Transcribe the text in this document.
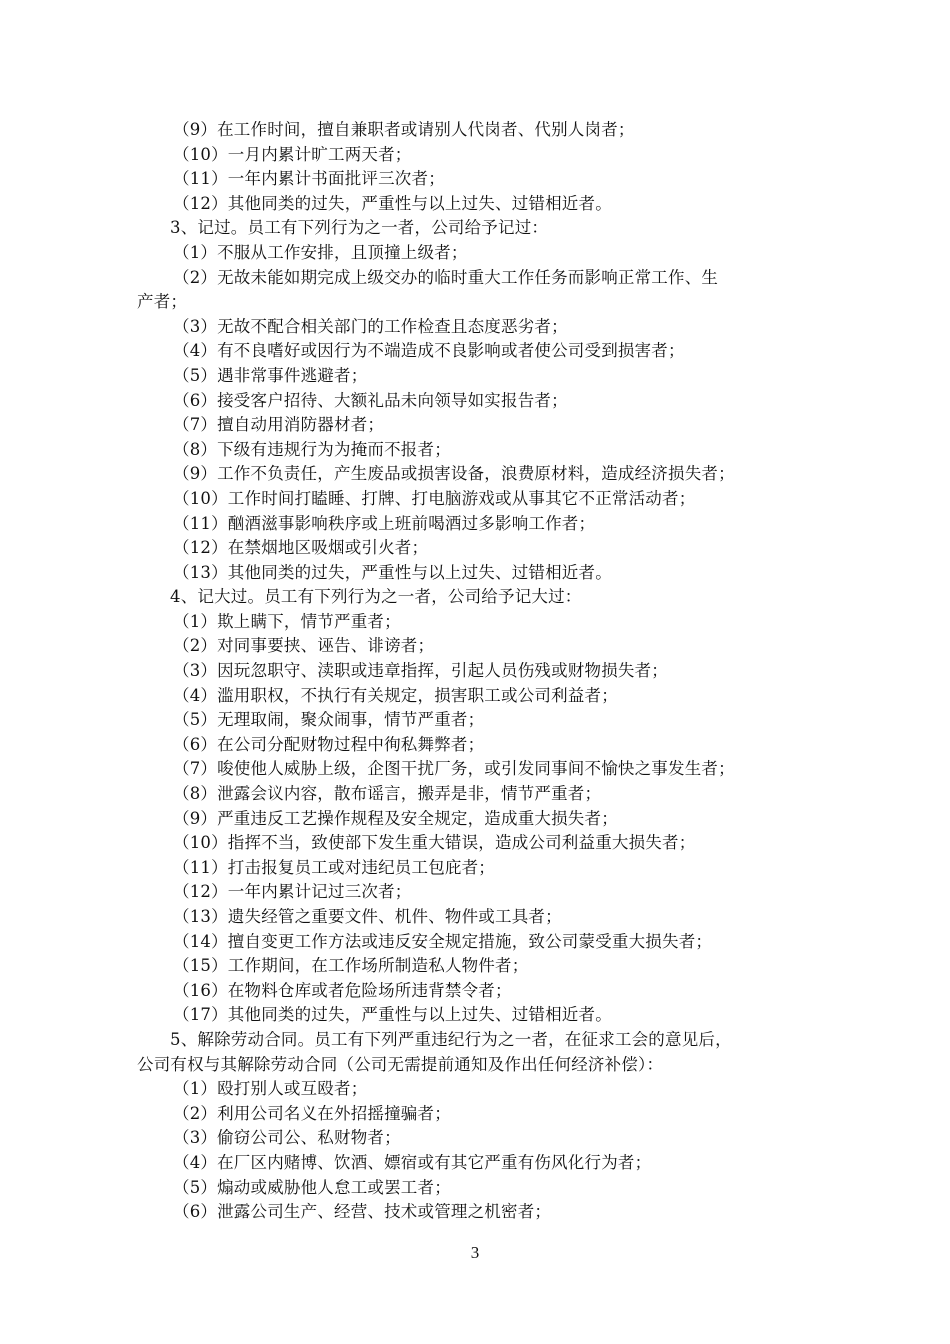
（9）在工作时间，擅自兼职者或请别人代岗者、代别人岗者；
（10）一月内累计旷工两天者；
（11）一年内累计书面批评三次者；
（12）其他同类的过失，严重性与以上过失、过错相近者。
3、记过。员工有下列行为之一者，公司给予记过：
（1）不服从工作安排，且顶撞上级者；
（2）无故未能如期完成上级交办的临时重大工作任务而影响正常工作、生
产者；
（3）无故不配合相关部门的工作检查且态度恶劣者；
（4）有不良嗜好或因行为不端造成不良影响或者使公司受到损害者；
（5）遇非常事件逃避者；
（6）接受客户招待、大额礼品未向领导如实报告者；
（7）擅自动用消防器材者；
（8）下级有违规行为为掩而不报者；
（9）工作不负责任，产生废品或损害设备，浪费原材料，造成经济损失者；
（10）工作时间打瞌睡、打牌、打电脑游戏或从事其它不正常活动者；
（11）酗酒滋事影响秩序或上班前喝酒过多影响工作者；
（12）在禁烟地区吸烟或引火者；
（13）其他同类的过失，严重性与以上过失、过错相近者。
4、记大过。员工有下列行为之一者，公司给予记大过：
（1）欺上瞒下，情节严重者；
（2）对同事要挟、诬告、诽谤者；
（3）因玩忽职守、渎职或违章指挥，引起人员伤残或财物损失者；
（4）滥用职权，不执行有关规定，损害职工或公司利益者；
（5）无理取闹，聚众闹事，情节严重者；
（6）在公司分配财物过程中徇私舞弊者；
（7）唆使他人威胁上级，企图干扰厂务，或引发同事间不愉快之事发生者；
（8）泄露会议内容，散布谣言，搬弄是非，情节严重者；
（9）严重违反工艺操作规程及安全规定，造成重大损失者；
（10）指挥不当，致使部下发生重大错误，造成公司利益重大损失者；
（11）打击报复员工或对违纪员工包庇者；
（12）一年内累计记过三次者；
（13）遗失经管之重要文件、机件、物件或工具者；
（14）擅自变更工作方法或违反安全规定措施，致公司蒙受重大损失者；
（15）工作期间，在工作场所制造私人物件者；
（16）在物料仓库或者危险场所违背禁令者；
（17）其他同类的过失，严重性与以上过失、过错相近者。
5、解除劳动合同。员工有下列严重违纪行为之一者，在征求工会的意见后，
公司有权与其解除劳动合同（公司无需提前通知及作出任何经济补偿）：
（1）殴打别人或互殴者；
（2）利用公司名义在外招摇撞骗者；
（3）偷窃公司公、私财物者；
（4）在厂区内赌博、饮酒、嫖宿或有其它严重有伤风化行为者；
（5）煽动或威胁他人怠工或罢工者；
（6）泄露公司生产、经营、技术或管理之机密者；
3
